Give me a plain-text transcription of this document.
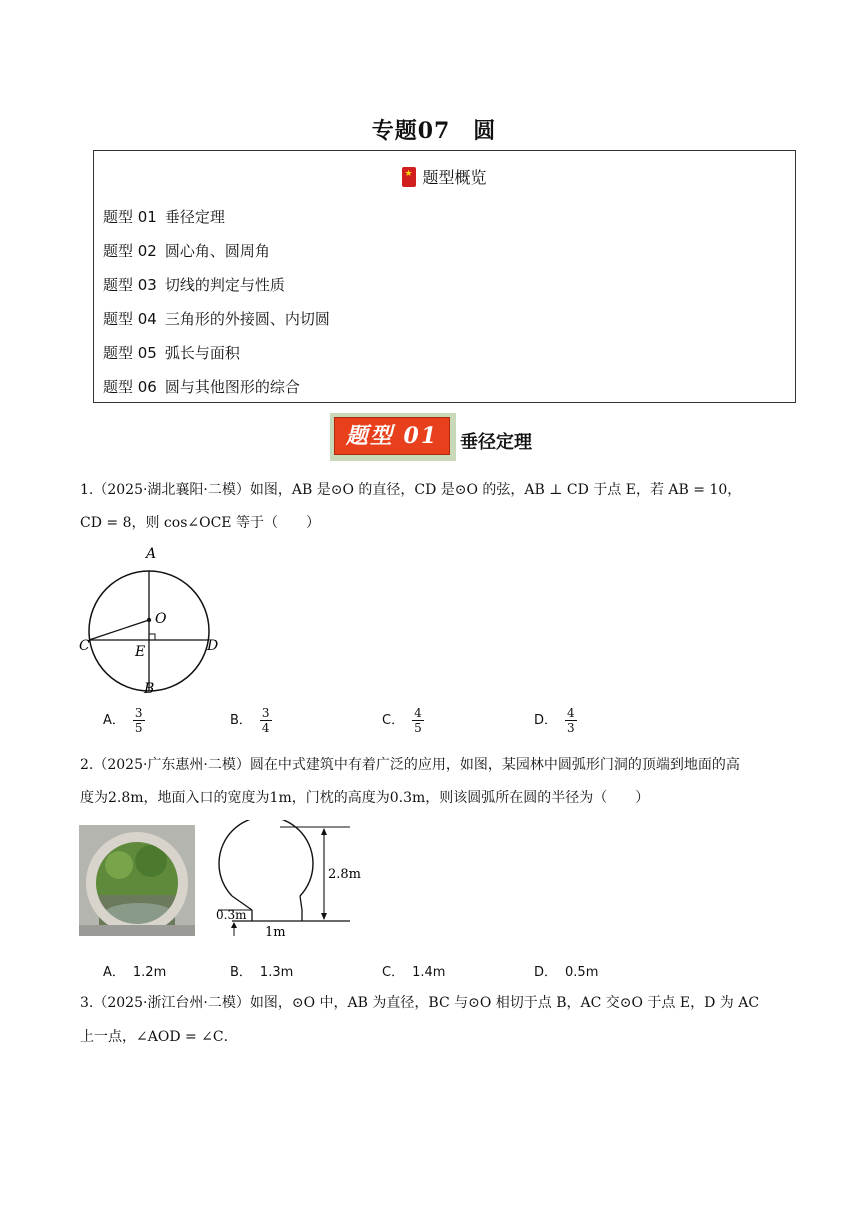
专题07　圆
★题型概览
题型 01 垂径定理
题型 02 圆心角、圆周角
题型 03 切线的判定与性质
题型 04 三角形的外接圆、内切圆
题型 05 弧长与面积
题型 06 圆与其他图形的综合
题型 01	垂径定理
1.（2025·湖北襄阳·二模）如图，AB 是⊙O 的直径，CD 是⊙O 的弦，AB ⊥ CD 于点 E，若 AB = 10，
CD = 8，则 cos∠OCE 等于（　　）
A
O
C	D
E
B
A． $\frac{3}{5}$	B． $\frac{3}{4}$	C． $\frac{4}{5}$	D． $\frac{4}{3}$
2.（2025·广东惠州·二模）圆在中式建筑中有着广泛的应用，如图，某园林中圆弧形门洞的顶端到地面的高
度为2.8m，地面入口的宽度为1m，门枕的高度为0.3m，则该圆弧所在圆的半径为（　　）
2.8m
0.3m
1m
A． 1.2m	B． 1.3m	C． 1.4m	D． 0.5m
3.（2025·浙江台州·二模）如图，⊙O 中，AB 为直径，BC 与⊙O 相切于点 B，AC 交⊙O 于点 E，D 为 AC
上一点，∠AOD = ∠C．
